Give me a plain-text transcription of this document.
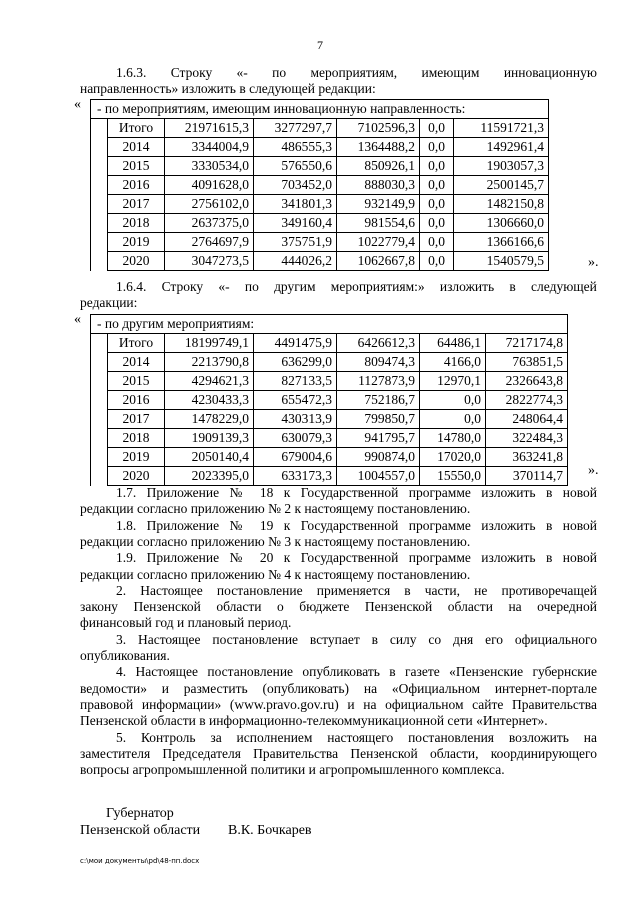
7
1.6.3. Строку «- по мероприятиям, имеющим инновационную
направленность» изложить в следующей редакции:
« - по мероприятиям, имеющим инновационную направленность:						
	Итого	21971615,3	3277297,7	7102596,3	0,0	11591721,3
	2014	3344004,9	486555,3	1364488,2	0,0	1492961,4
	2015	3330534,0	576550,6	850926,1	0,0	1903057,3
	2016	4091628,0	703452,0	888030,3	0,0	2500145,7
	2017	2756102,0	341801,3	932149,9	0,0	1482150,8
	2018	2637375,0	349160,4	981554,6	0,0	1306660,0
	2019	2764697,9	375751,9	1022779,4	0,0	1366166,6
	2020	3047273,5	444026,2	1062667,8	0,0	1540579,5	».
1.6.4. Строку «- по другим мероприятиям:» изложить в следующей
редакции:
« - по другим мероприятиям:						
	Итого	18199749,1	4491475,9	6426612,3	64486,1	7217174,8
	2014	2213790,8	636299,0	809474,3	4166,0	763851,5
	2015	4294621,3	827133,5	1127873,9	12970,1	2326643,8
	2016	4230433,3	655472,3	752186,7	0,0	2822774,3
	2017	1478229,0	430313,9	799850,7	0,0	248064,4
	2018	1909139,3	630079,3	941795,7	14780,0	322484,3
	2019	2050140,4	679004,6	990874,0	17020,0	363241,8
	2020	2023395,0	633173,3	1004557,0	15550,0	370114,7 ».
1.7. Приложение № 18 к Государственной программе изложить в новой
редакции согласно приложению № 2 к настоящему постановлению.
1.8. Приложение № 19 к Государственной программе изложить в новой
редакции согласно приложению № 3 к настоящему постановлению.
1.9. Приложение № 20 к Государственной программе изложить в новой
редакции согласно приложению № 4 к настоящему постановлению.
2. Настоящее постановление применяется в части, не противоречащей
закону Пензенской области о бюджете Пензенской области на очередной
финансовый год и плановый период.
3. Настоящее постановление вступает в силу со дня его официального
опубликования.
4. Настоящее постановление опубликовать в газете «Пензенские губернские
ведомости» и разместить (опубликовать) на «Официальном интернет-портале
правовой информации» (www.pravo.gov.ru) и на официальном сайте Правительства
Пензенской области в информационно-телекоммуникационной сети «Интернет».
5. Контроль за исполнением настоящего постановления возложить на
заместителя Председателя Правительства Пензенской области, координирующего
вопросы агропромышленной политики и агропромышленного комплекса.
Губернатор
Пензенской области В.К. Бочкарев
c:\мои документы\pd\48-пп.docx
